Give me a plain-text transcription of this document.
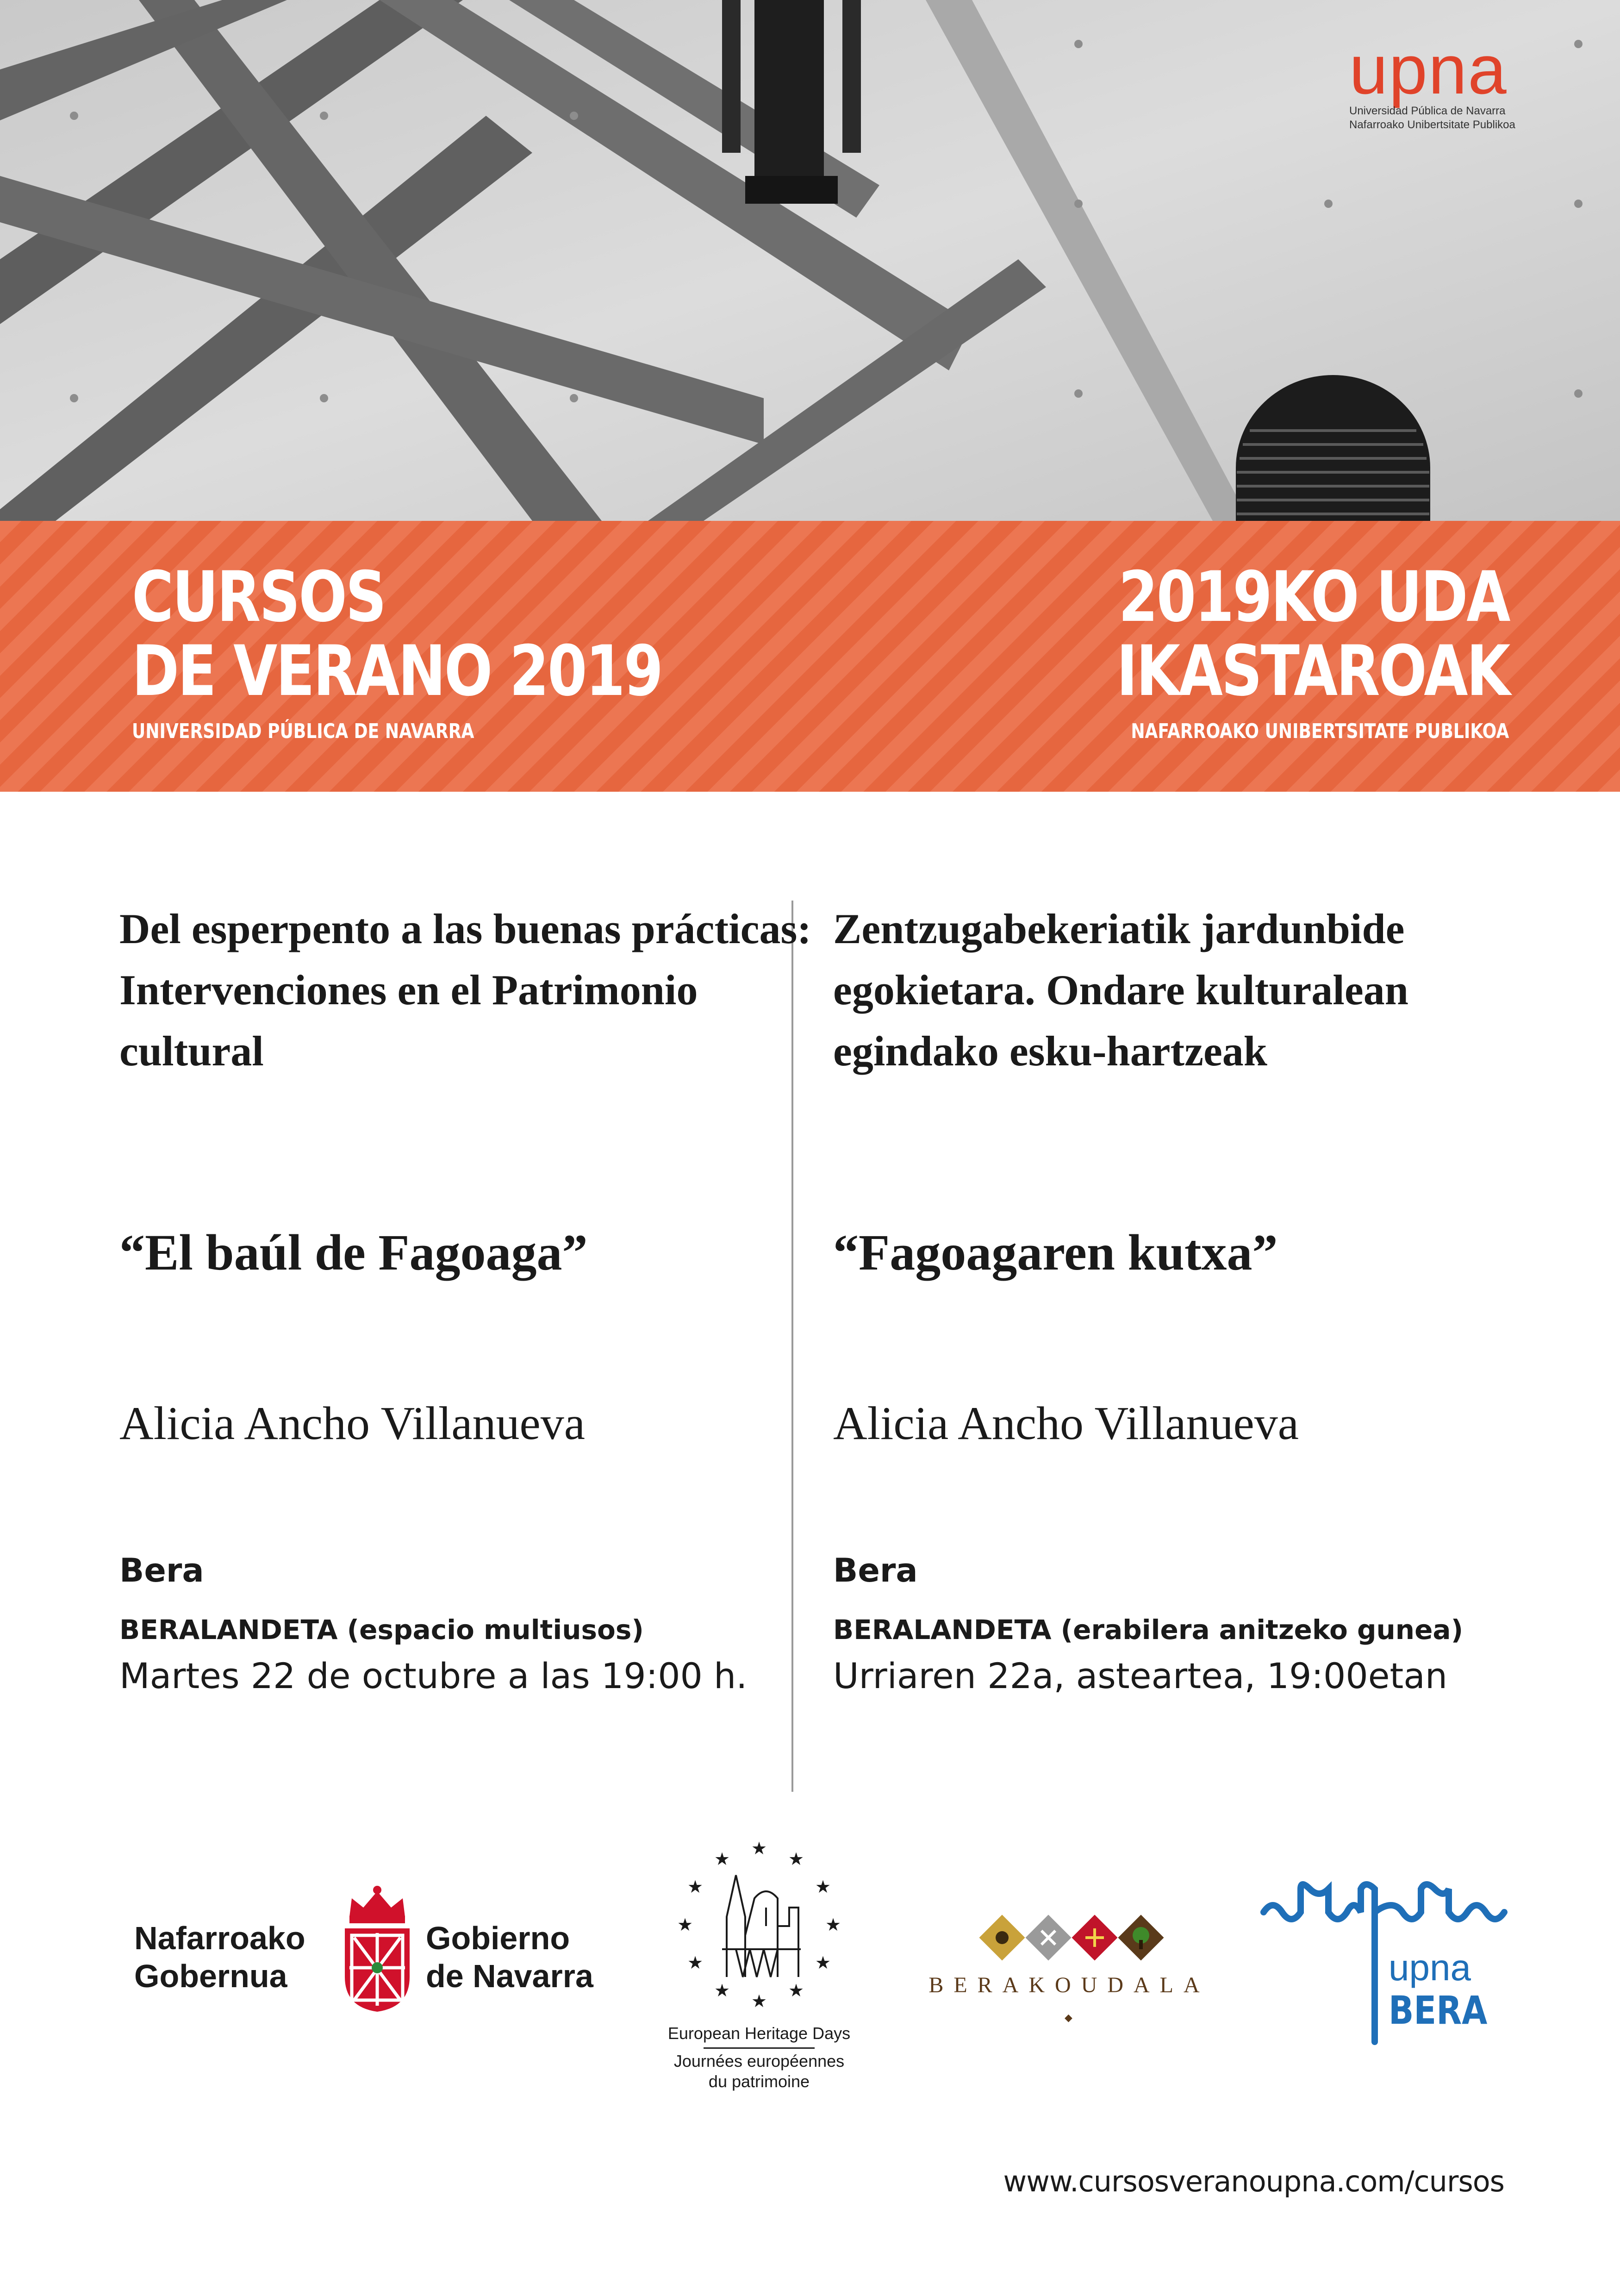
upna
Universidad Pública de Navarra
Nafarroako Unibertsitate Publikoa
CURSOS
DE VERANO 2019
UNIVERSIDAD PÚBLICA DE NAVARRA
2019KO UDA
IKASTAROAK
NAFARROAKO UNIBERTSITATE PUBLIKOA

Del esperpento a las buenas prácticas: Intervenciones en el Patrimonio cultural

“El baúl de Fagoaga”
Alicia Ancho Villanueva
Bera
BERALANDETA (espacio multiusos)
Martes 22 de octubre a las 19:00 h.

Zentzugabekeriatik jardunbide egokietara. Ondare kulturalean egindako esku-hartzeak

“Fagoagaren kutxa”
Alicia Ancho Villanueva
Bera
BERALANDETA (erabilera anitzeko gunea)
Urriaren 22a, asteartea, 19:00etan
Nafarroako
Gobernua
Gobierno
de Navarra
★
★
★
★
★
★
★
★
★
★
★
★
European Heritage Days
Journées européennes
du patrimoine
BERAKOUDALA
◆
upna
BERA
www.cursosveranoupna.com/cursos
